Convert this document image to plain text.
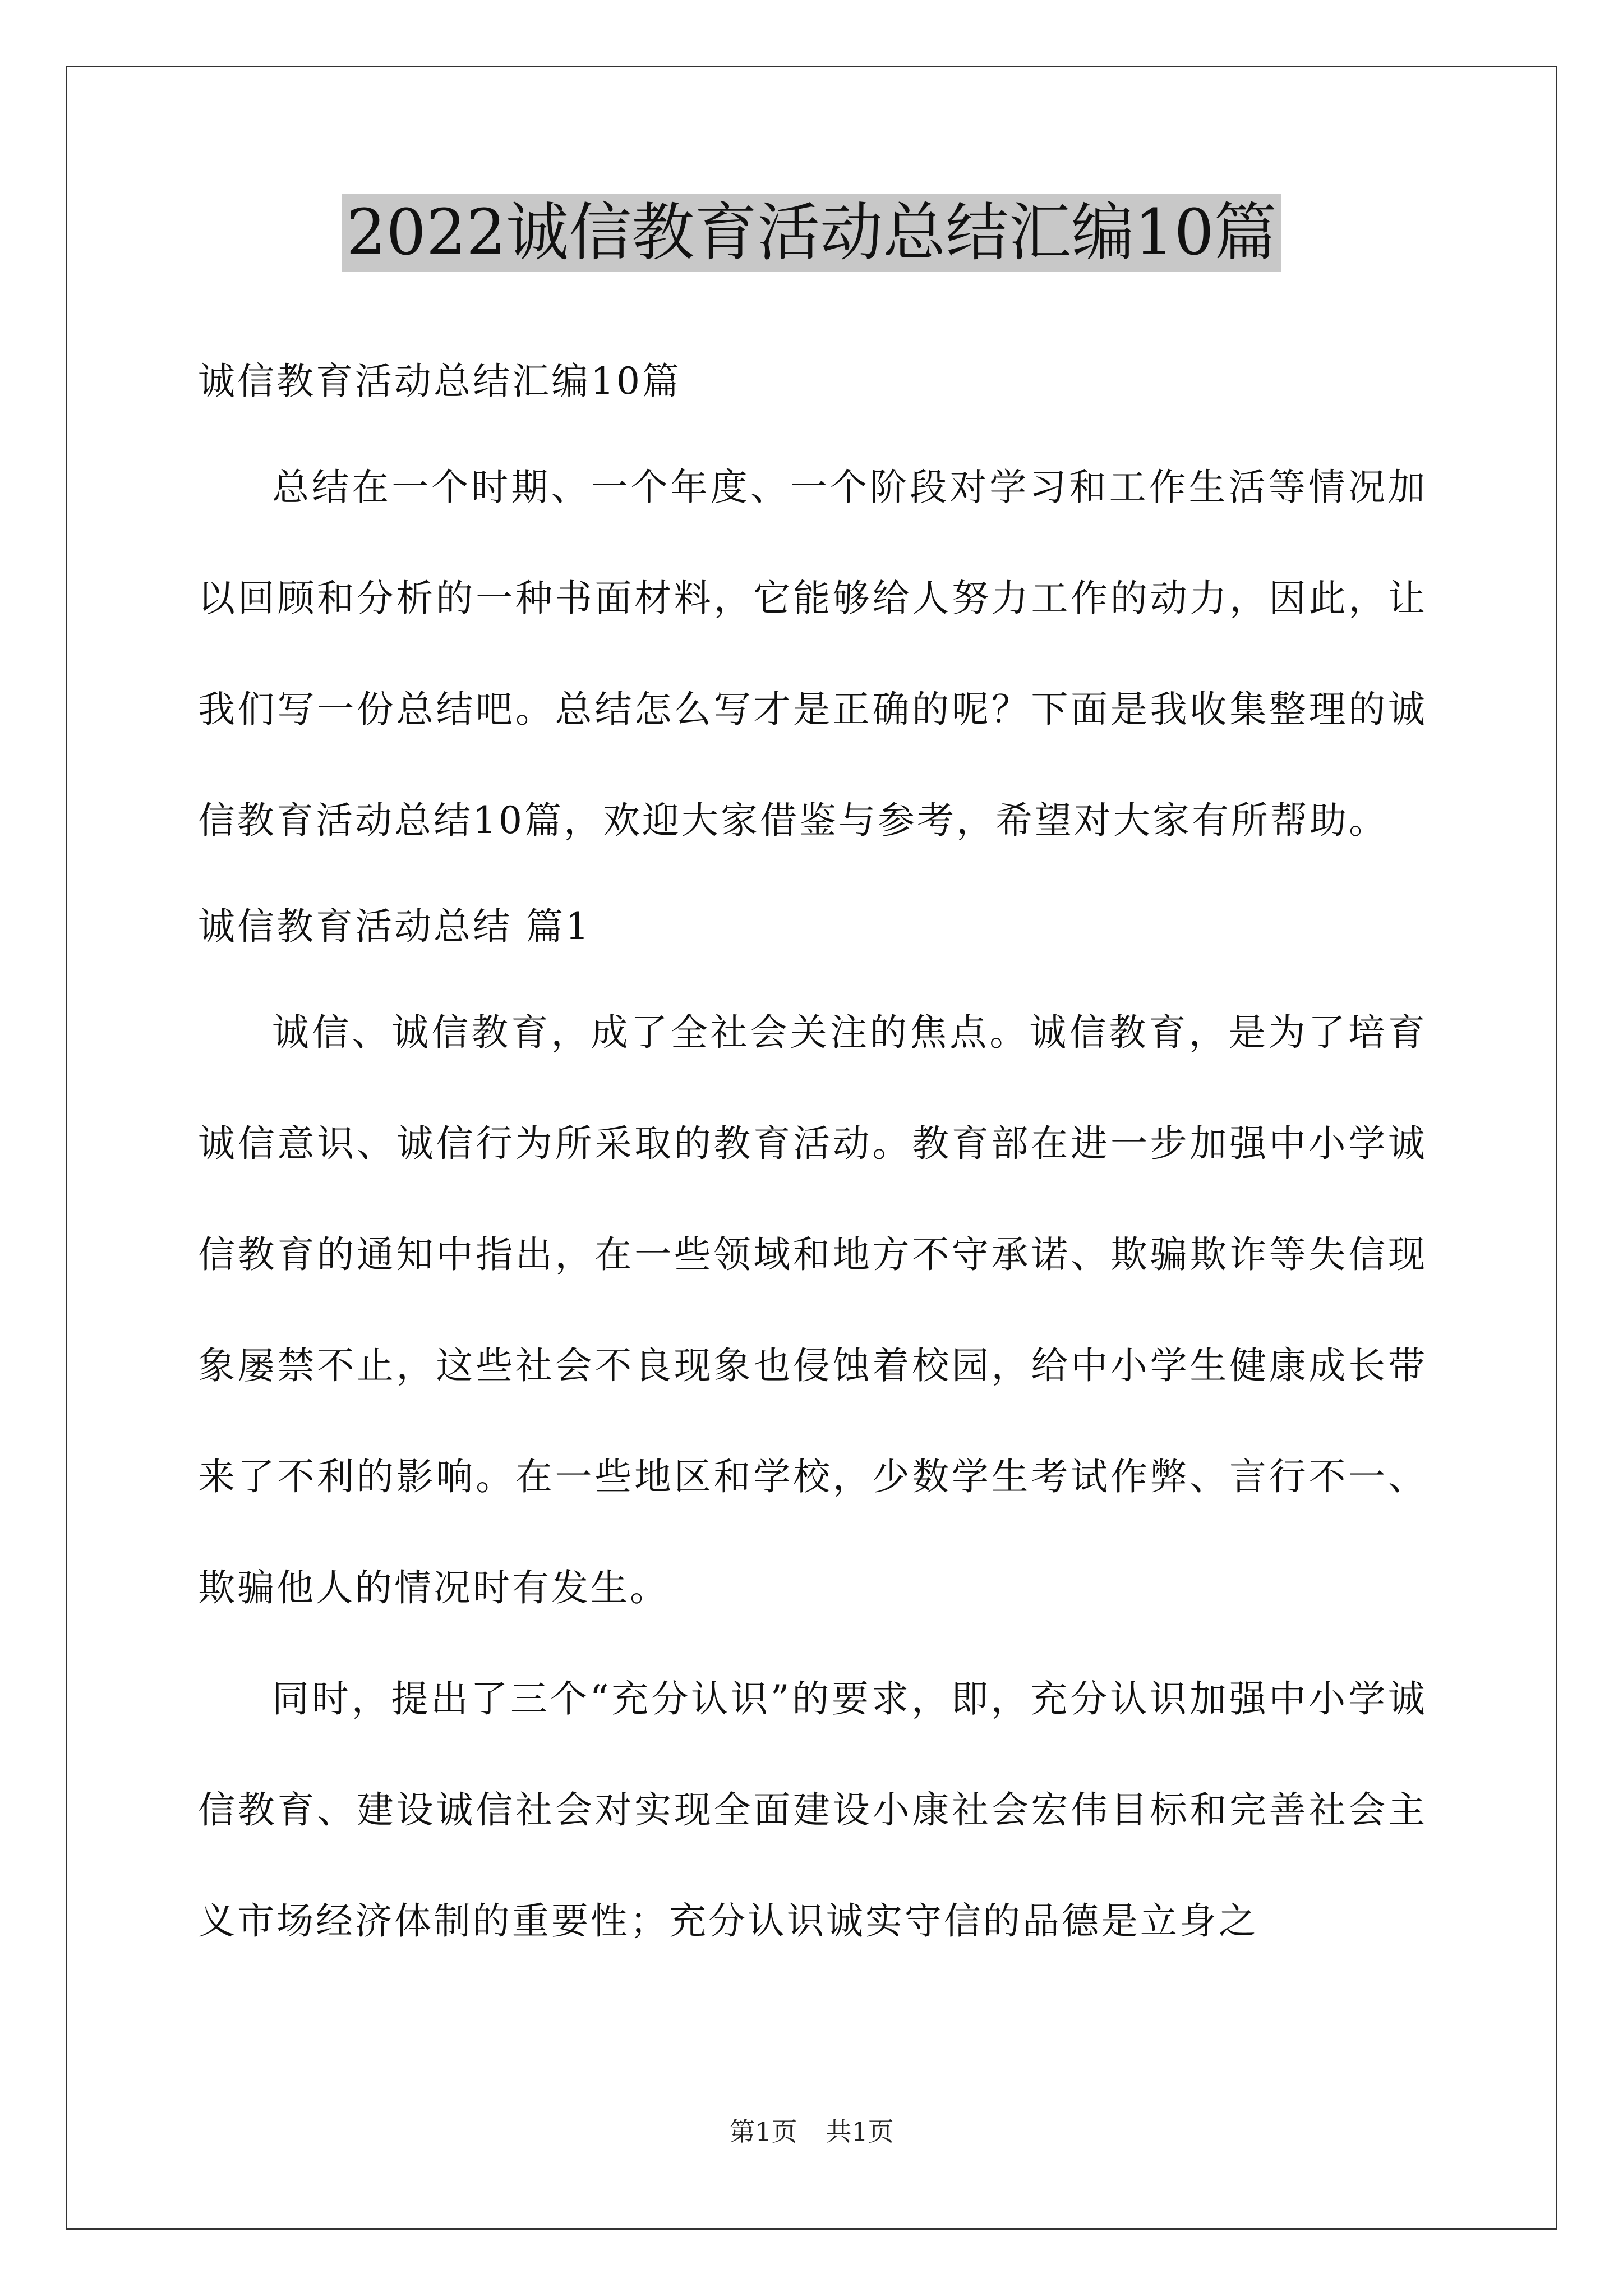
2022诚信教育活动总结汇编10篇

诚信教育活动总结汇编10篇

总结在一个时期、一个年度、一个阶段对学习和工作生活等情况加以回顾和分析的一种书面材料，它能够给人努力工作的动力，因此，让我们写一份总结吧。总结怎么写才是正确的呢？下面是我收集整理的诚信教育活动总结10篇，欢迎大家借鉴与参考，希望对大家有所帮助。

诚信教育活动总结 篇1

诚信、诚信教育，成了全社会关注的焦点。诚信教育，是为了培育诚信意识、诚信行为所采取的教育活动。教育部在进一步加强中小学诚信教育的通知中指出，在一些领域和地方不守承诺、欺骗欺诈等失信现象屡禁不止，这些社会不良现象也侵蚀着校园，给中小学生健康成长带来了不利的影响。在一些地区和学校，少数学生考试作弊、言行不一、欺骗他人的情况时有发生。

同时，提出了三个“充分认识”的要求，即，充分认识加强中小学诚信教育、建设诚信社会对实现全面建设小康社会宏伟目标和完善社会主义市场经济体制的重要性；充分认识诚实守信的品德是立身之

第1页 共1页
